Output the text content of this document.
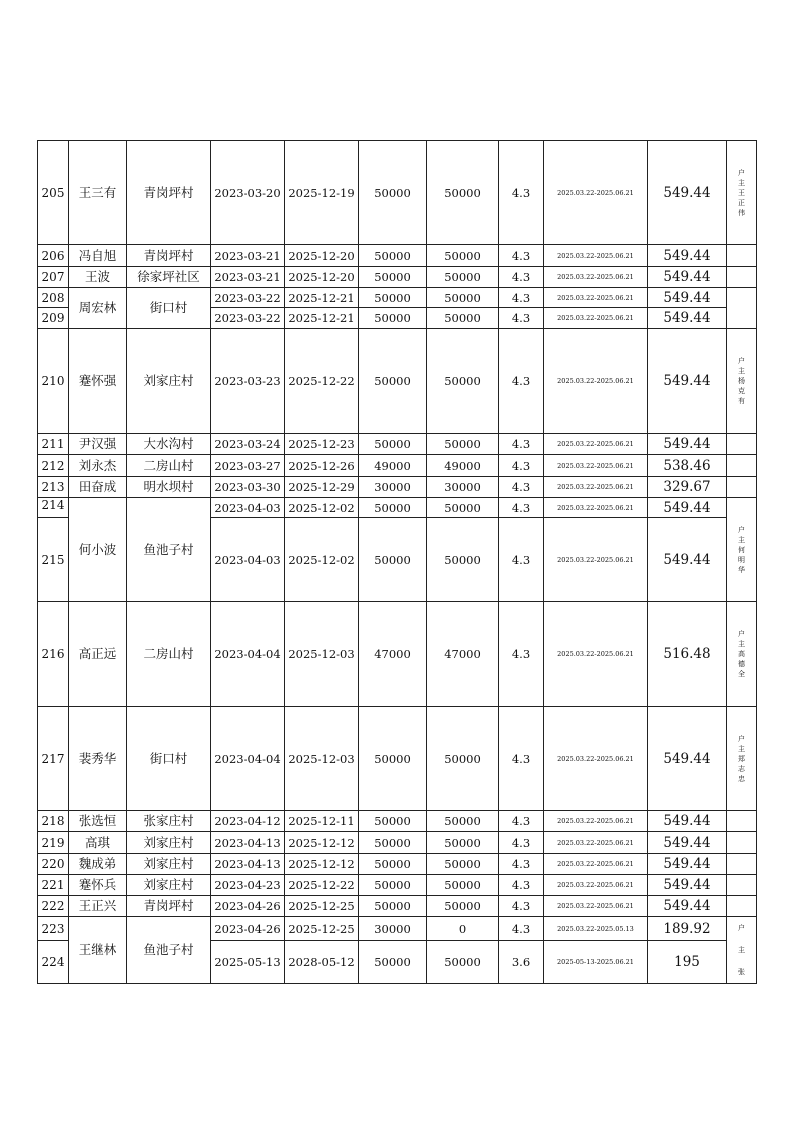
205	王三有	青岗坪村	2023-03-20	2025-12-19	50000	50000	4.3	2025.03.22-2025.06.21	549.44	户
主
王
正
伟

206	冯自旭	青岗坪村	2023-03-21	2025-12-20	50000	50000	4.3	2025.03.22-2025.06.21	549.44	
207	王波	徐家坪社区	2023-03-21	2025-12-20	50000	50000	4.3	2025.03.22-2025.06.21	549.44	
208	周宏林	街口村	2023-03-22	2025-12-21	50000	50000	4.3	2025.03.22-2025.06.21	549.44	
209			2023-03-22	2025-12-21	50000	50000	4.3	2025.03.22-2025.06.21	549.44	
210	蹇怀强	刘家庄村	2023-03-23	2025-12-22	50000	50000	4.3	2025.03.22-2025.06.21	549.44	户
主
杨
克
有

211	尹汉强	大水沟村	2023-03-24	2025-12-23	50000	50000	4.3	2025.03.22-2025.06.21	549.44	
212	刘永杰	二房山村	2023-03-27	2025-12-26	49000	49000	4.3	2025.03.22-2025.06.21	538.46	
213	田奋成	明水坝村	2023-03-30	2025-12-29	30000	30000	4.3	2025.03.22-2025.06.21	329.67	
214	何小波	鱼池子村	2023-04-03	2025-12-02	50000	50000	4.3	2025.03.22-2025.06.21	549.44	户
主
何
明
华

215			2023-04-03	2025-12-02	50000	50000	4.3	2025.03.22-2025.06.21	549.44	
216	高正远	二房山村	2023-04-04	2025-12-03	47000	47000	4.3	2025.03.22-2025.06.21	516.48	户
主
高
德
全

217	裴秀华	街口村	2023-04-04	2025-12-03	50000	50000	4.3	2025.03.22-2025.06.21	549.44	户
主
郑
志
忠

218	张选恒	张家庄村	2023-04-12	2025-12-11	50000	50000	4.3	2025.03.22-2025.06.21	549.44	
219	高琪	刘家庄村	2023-04-13	2025-12-12	50000	50000	4.3	2025.03.22-2025.06.21	549.44	
220	魏成弟	刘家庄村	2023-04-13	2025-12-12	50000	50000	4.3	2025.03.22-2025.06.21	549.44	
221	蹇怀兵	刘家庄村	2023-04-23	2025-12-22	50000	50000	4.3	2025.03.22-2025.06.21	549.44	
222	王正兴	青岗坪村	2023-04-26	2025-12-25	50000	50000	4.3	2025.03.22-2025.06.21	549.44	
223	王继林	鱼池子村	2023-04-26	2025-12-25	30000	0	4.3	2025.03.22-2025.05.13	189.92	户
主
张

224			2025-05-13	2028-05-12	50000	50000	3.6	2025-05-13-2025.06.21	195	
